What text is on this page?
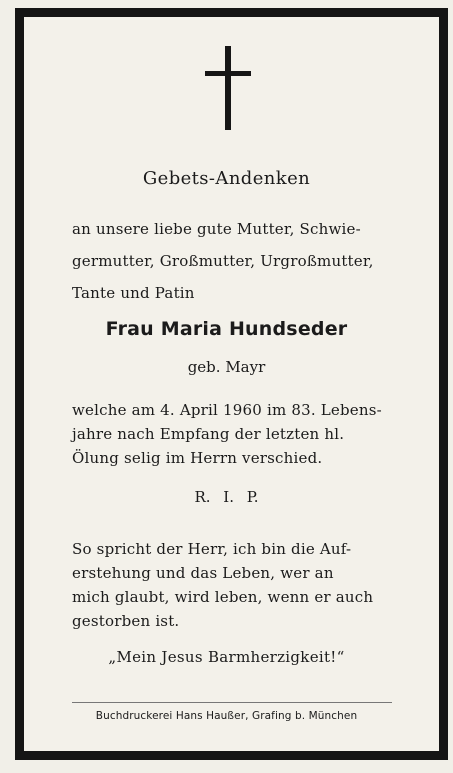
Gebets-Andenken
an unsere liebe gute Mutter, Schwie-
germutter, Großmutter, Urgroßmutter,
Tante und Patin
Frau Maria Hundseder
geb. Mayr
welche am 4. April 1960 im 83. Lebens-
jahre nach Empfang der letzten hl.
Ölung selig im Herrn verschied.
R. I. P.
So spricht der Herr, ich bin die Auf-
erstehung und das Leben, wer an
mich glaubt, wird leben, wenn er auch
gestorben ist.
„Mein Jesus Barmherzigkeit!“
Buchdruckerei Hans Haußer, Grafing b. München
